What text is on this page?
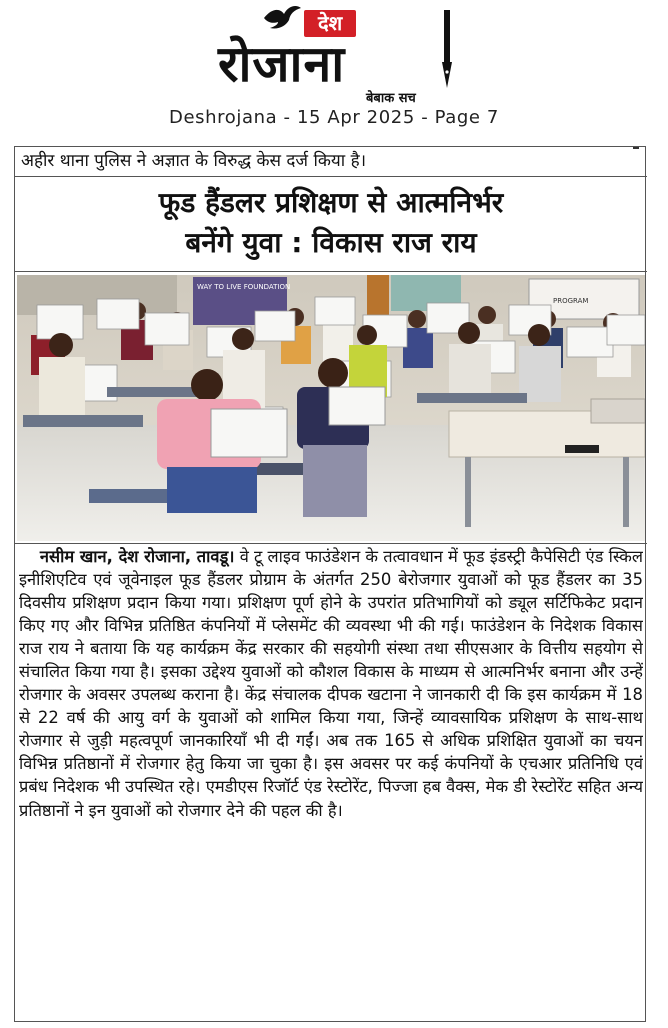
देश
रोजाना
बेबाक सच
Deshrojana - 15 Apr 2025 - Page 7
अहीर थाना पुलिस ने अज्ञात के विरुद्ध केस दर्ज किया है।
फूड हैंडलर प्रशिक्षण से आत्मनिर्भर
बनेंगे युवा : विकास राज राय
WAY TO LIVE FOUNDATION
PROGRAM

नसीम खान, देश रोजाना, तावडू। वे टू लाइव फाउंडेशन के तत्वावधान में फूड इंडस्ट्री कैपेसिटी एंड स्किल इनीशिएटिव एवं जूवेनाइल फूड हैंडलर प्रोग्राम के अंतर्गत 250 बेरोजगार युवाओं को फूड हैंडलर का 35 दिवसीय प्रशिक्षण प्रदान किया गया। प्रशिक्षण पूर्ण होने के उपरांत प्रतिभागियों को ड्यूल सर्टिफिकेट प्रदान किए गए और विभिन्न प्रतिष्ठित कंपनियों में प्लेसमेंट की व्यवस्था भी की गई। फाउंडेशन के निदेशक विकास राज राय ने बताया कि यह कार्यक्रम केंद्र सरकार की सहयोगी संस्था तथा सीएसआर के वित्तीय सहयोग से संचालित किया गया है। इसका उद्देश्य युवाओं को कौशल विकास के माध्यम से आत्मनिर्भर बनाना और उन्हें रोजगार के अवसर उपलब्ध कराना है। केंद्र संचालक दीपक खटाना ने जानकारी दी कि इस कार्यक्रम में 18 से 22 वर्ष की आयु वर्ग के युवाओं को शामिल किया गया, जिन्हें व्यावसायिक प्रशिक्षण के साथ-साथ रोजगार से जुड़ी महत्वपूर्ण जानकारियाँ भी दी गईं। अब तक 165 से अधिक प्रशिक्षित युवाओं का चयन विभिन्न प्रतिष्ठानों में रोजगार हेतु किया जा चुका है। इस अवसर पर कई कंपनियों के एचआर प्रतिनिधि एवं प्रबंध निदेशक भी उपस्थित रहे। एमडीएस रिजॉर्ट एंड रेस्टोरेंट, पिज्जा हब वैक्स, मेक डी रेस्टोरेंट सहित अन्य प्रतिष्ठानों ने इन युवाओं को रोजगार देने की पहल की है।
